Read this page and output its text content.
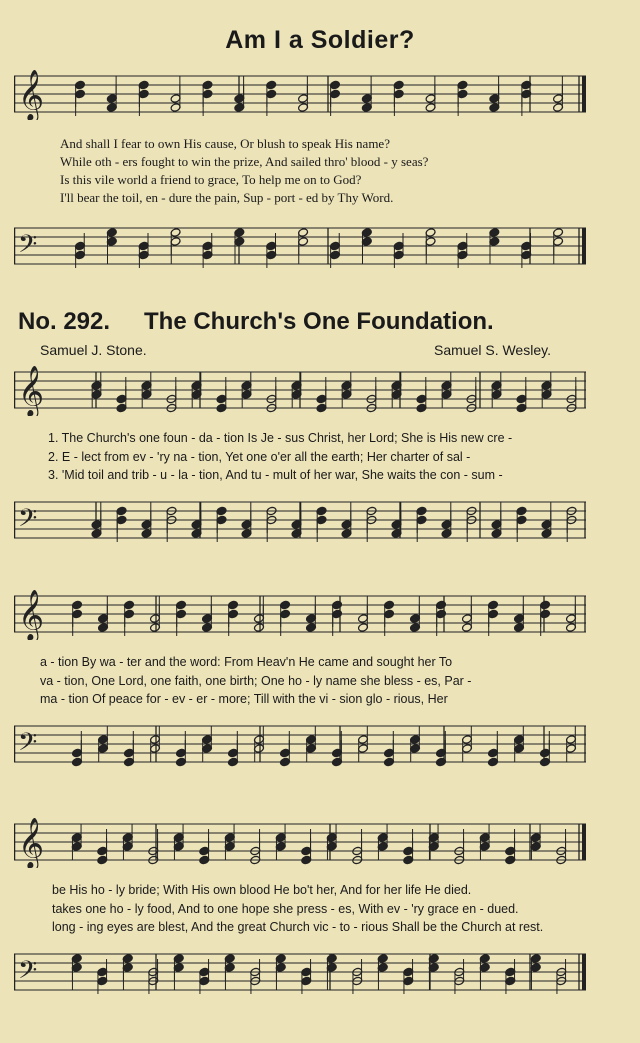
Am I a Soldier?
𝄞
And shall I fear to own His cause, Or blush to speak His name?
While oth - ers fought to win the prize, And sailed thro' blood - y seas?
Is this vile world a friend to grace, To help me on to God?
I'll bear the toil, en - dure the pain, Sup - port - ed by Thy Word.
𝄢
No. 292. The Church's One Foundation.
Samuel J. Stone.	Samuel S. Wesley.
𝄞
1. The Church's one foun - da - tion Is Je - sus Christ, her Lord; She is His new cre -
2. E - lect from ev - 'ry na - tion, Yet one o'er all the earth; Her charter of sal -
3. 'Mid toil and trib - u - la - tion, And tu - mult of her war, She waits the con - sum -
𝄢
𝄞
a - tion By wa - ter and the word: From Heav'n He came and sought her To
va - tion, One Lord, one faith, one birth; One ho - ly name she bless - es, Par -
ma - tion Of peace for - ev - er - more; Till with the vi - sion glo - rious, Her
𝄢
𝄞
be His ho - ly bride; With His own blood He bo't her, And for her life He died.
takes one ho - ly food, And to one hope she press - es, With ev - 'ry grace en - dued.
long - ing eyes are blest, And the great Church vic - to - rious Shall be the Church at rest.
𝄢
